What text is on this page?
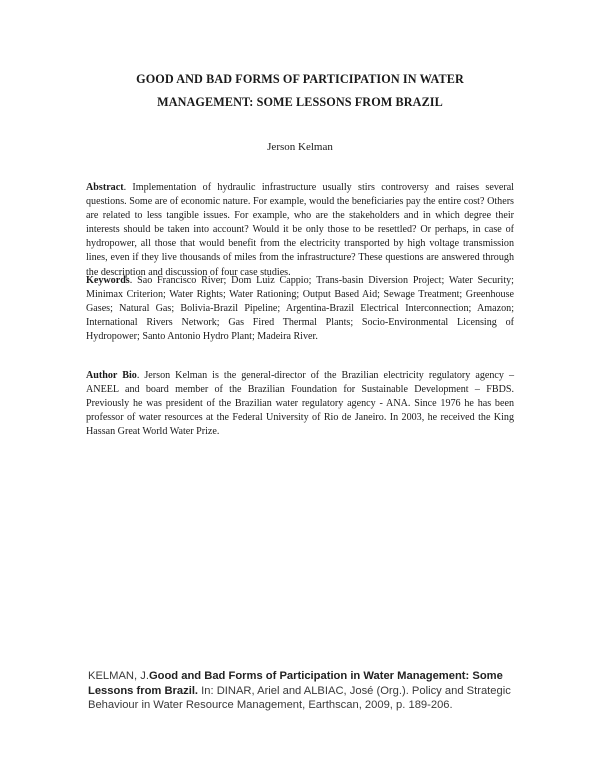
GOOD AND BAD FORMS OF PARTICIPATION IN WATER
MANAGEMENT: SOME LESSONS FROM BRAZIL
Jerson Kelman
Abstract. Implementation of hydraulic infrastructure usually stirs controversy and raises several questions. Some are of economic nature. For example, would the beneficiaries pay the entire cost? Others are related to less tangible issues. For example, who are the stakeholders and in which degree their interests should be taken into account? Would it be only those to be resettled? Or perhaps, in case of hydropower, all those that would benefit from the electricity transported by high voltage transmission lines, even if they live thousands of miles from the infrastructure? These questions are answered through the description and discussion of four case studies.
Keywords. Sao Francisco River; Dom Luiz Cappio; Trans-basin Diversion Project; Water Security; Minimax Criterion; Water Rights; Water Rationing; Output Based Aid; Sewage Treatment; Greenhouse Gases; Natural Gas; Bolivia-Brazil Pipeline; Argentina-Brazil Electrical Interconnection; Amazon; International Rivers Network; Gas Fired Thermal Plants; Socio-Environmental Licensing of Hydropower; Santo Antonio Hydro Plant; Madeira River.
Author Bio. Jerson Kelman is the general-director of the Brazilian electricity regulatory agency – ANEEL and board member of the Brazilian Foundation for Sustainable Development – FBDS. Previously he was president of the Brazilian water regulatory agency - ANA. Since 1976 he has been professor of water resources at the Federal University of Rio de Janeiro. In 2003, he received the King Hassan Great World Water Prize.
KELMAN, J.Good and Bad Forms of Participation in Water Management: Some Lessons from Brazil. In: DINAR, Ariel and ALBIAC, José (Org.). Policy and Strategic Behaviour in Water Resource Management, Earthscan, 2009, p. 189-206.
